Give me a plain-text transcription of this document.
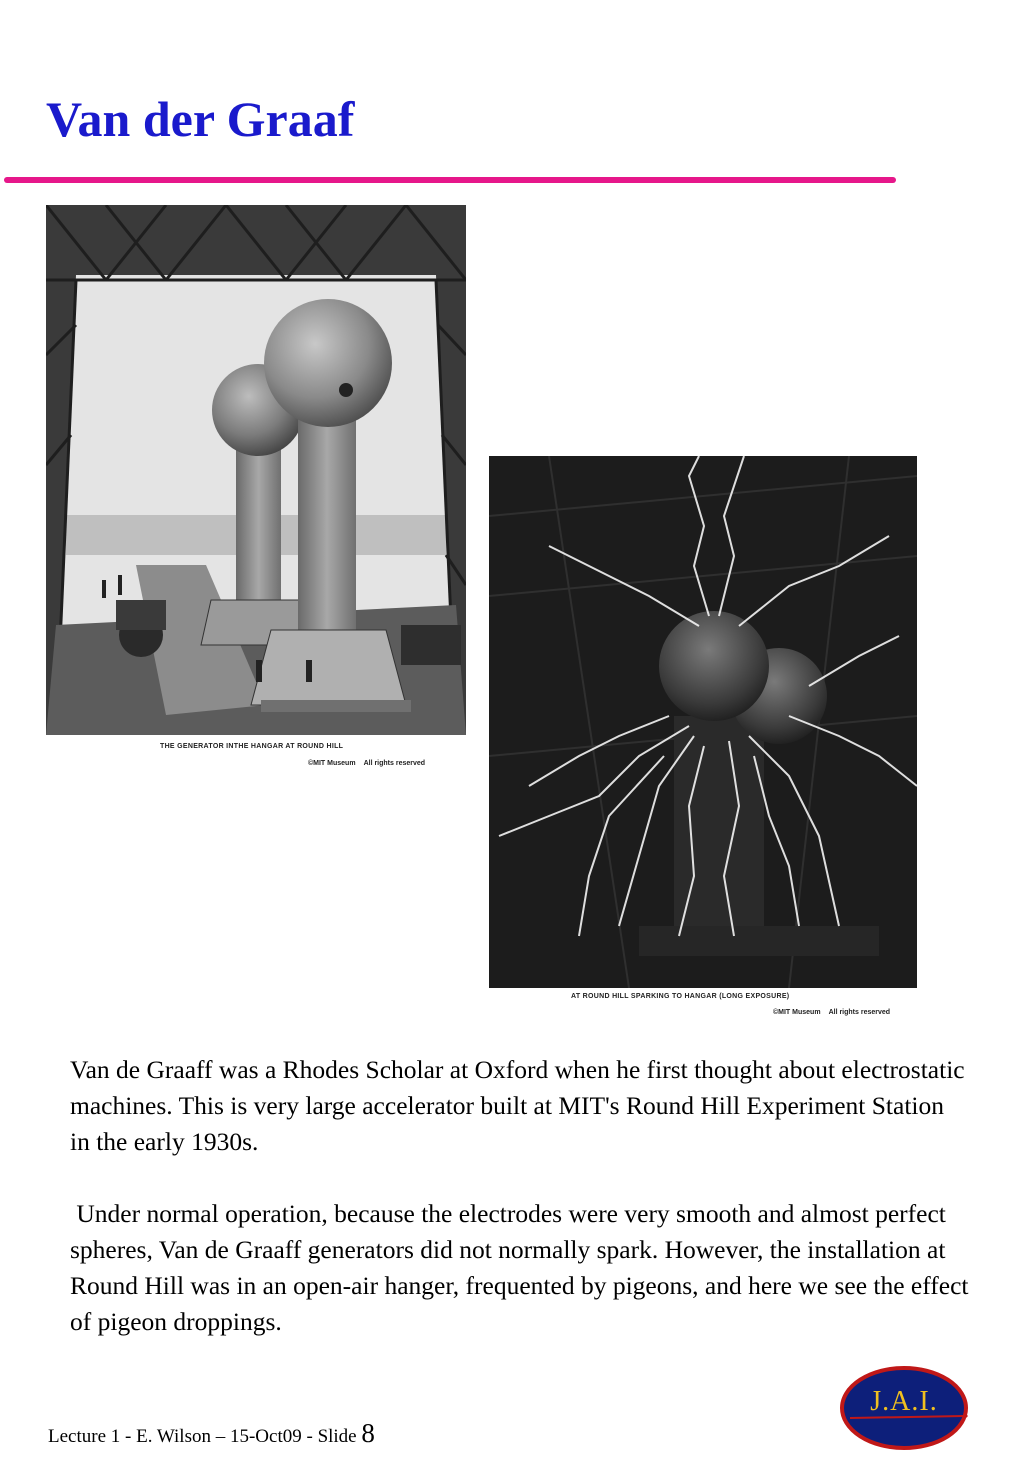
Van der Graaf
THE GENERATOR INTHE HANGAR AT ROUND HILL
©MIT Museum All rights reserved
AT ROUND HILL SPARKING TO HANGAR (LONG EXPOSURE)
©MIT Museum All rights reserved

Van de Graaff was a Rhodes Scholar at Oxford when he first thought about electrostatic machines. This is very large accelerator built at MIT's Round Hill Experiment Station in the early 1930s.

Under normal operation, because the electrodes were very smooth and almost perfect spheres, Van de Graaff generators did not normally spark. However, the installation at Round Hill was in an open-air hanger, frequented by pigeons, and here we see the effect of pigeon droppings.

Lecture 1 - E. Wilson – 15-Oct09 - Slide 8
J.A.I.
